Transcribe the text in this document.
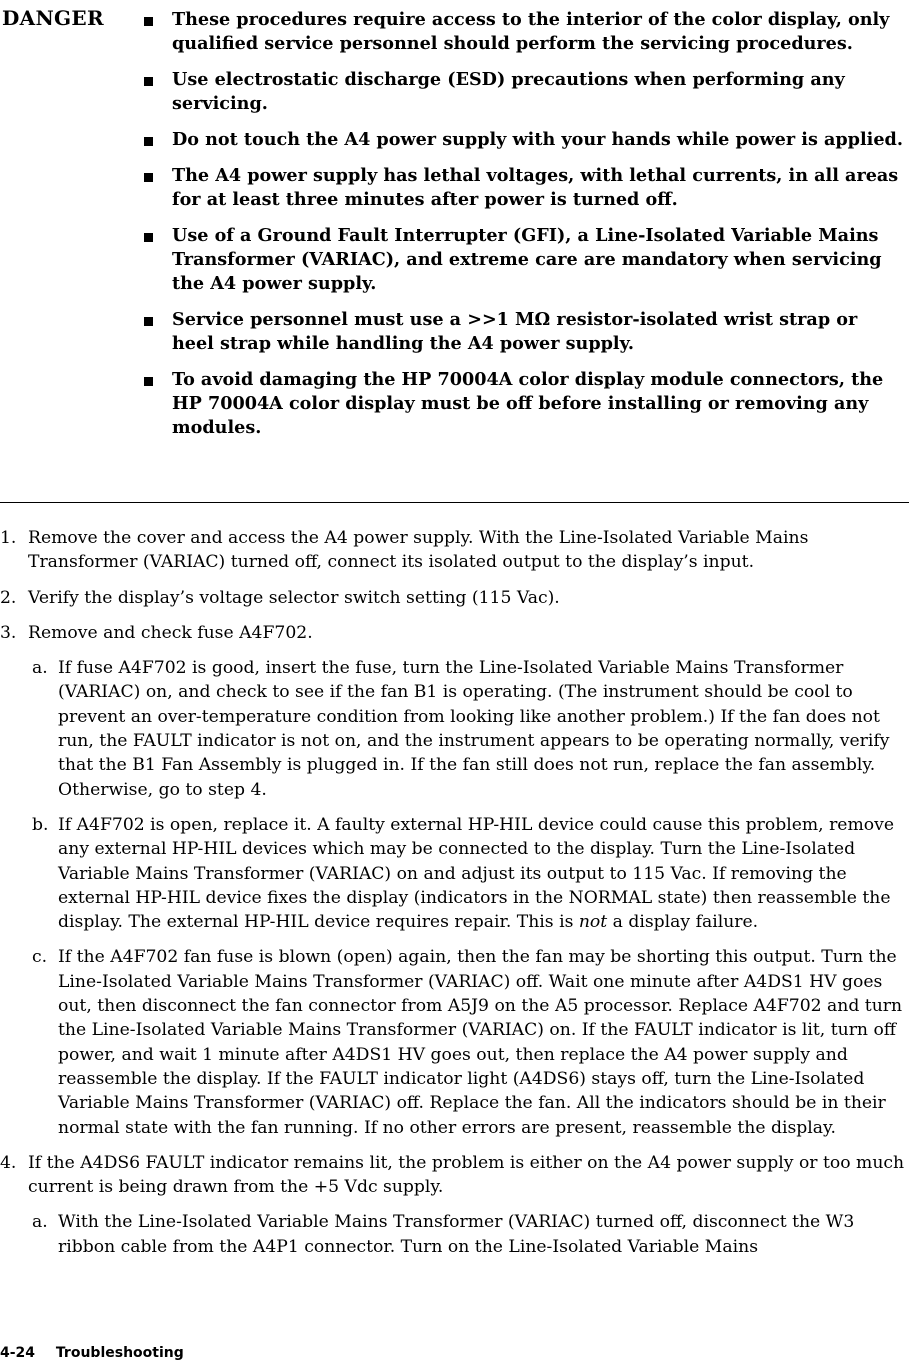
DANGER	These procedures require access to the interior of the color display, only qualified service personnel should perform the servicing procedures.
Use electrostatic discharge (ESD) precautions when performing any servicing.
Do not touch the A4 power supply with your hands while power is applied.
The A4 power supply has lethal voltages, with lethal currents, in all areas for at least three minutes after power is turned off.
Use of a Ground Fault Interrupter (GFI), a Line-Isolated Variable Mains Transformer (VARIAC), and extreme care are mandatory when servicing the A4 power supply.
Service personnel must use a >>1 MΩ resistor-isolated wrist strap or heel strap while handling the A4 power supply.
To avoid damaging the HP 70004A color display module connectors, the HP 70004A color display must be off before installing or removing any modules.
1. Remove the cover and access the A4 power supply. With the Line-Isolated Variable Mains Transformer (VARIAC) turned off, connect its isolated output to the display’s input.
2. Verify the display’s voltage selector switch setting (115 Vac).
3. Remove and check fuse A4F702.
a. If fuse A4F702 is good, insert the fuse, turn the Line-Isolated Variable Mains Transformer (VARIAC) on, and check to see if the fan B1 is operating. (The instrument should be cool to prevent an over-temperature condition from looking like another problem.) If the fan does not run, the FAULT indicator is not on, and the instrument appears to be operating normally, verify that the B1 Fan Assembly is plugged in. If the fan still does not run, replace the fan assembly. Otherwise, go to step 4.
b. If A4F702 is open, replace it. A faulty external HP-HIL device could cause this problem, remove any external HP-HIL devices which may be connected to the display. Turn the Line-Isolated Variable Mains Transformer (VARIAC) on and adjust its output to 115 Vac. If removing the external HP-HIL device fixes the display (indicators in the NORMAL state) then reassemble the display. The external HP-HIL device requires repair. This is not a display failure.
c. If the A4F702 fan fuse is blown (open) again, then the fan may be shorting this output. Turn the Line-Isolated Variable Mains Transformer (VARIAC) off. Wait one minute after A4DS1 HV goes out, then disconnect the fan connector from A5J9 on the A5 processor. Replace A4F702 and turn the Line-Isolated Variable Mains Transformer (VARIAC) on. If the FAULT indicator is lit, turn off power, and wait 1 minute after A4DS1 HV goes out, then replace the A4 power supply and reassemble the display. If the FAULT indicator light (A4DS6) stays off, turn the Line-Isolated Variable Mains Transformer (VARIAC) off. Replace the fan. All the indicators should be in their normal state with the fan running. If no other errors are present, reassemble the display.
4. If the A4DS6 FAULT indicator remains lit, the problem is either on the A4 power supply or too much current is being drawn from the +5 Vdc supply.
a. With the Line-Isolated Variable Mains Transformer (VARIAC) turned off, disconnect the W3 ribbon cable from the A4P1 connector. Turn on the Line-Isolated Variable Mains
4-24 Troubleshooting
